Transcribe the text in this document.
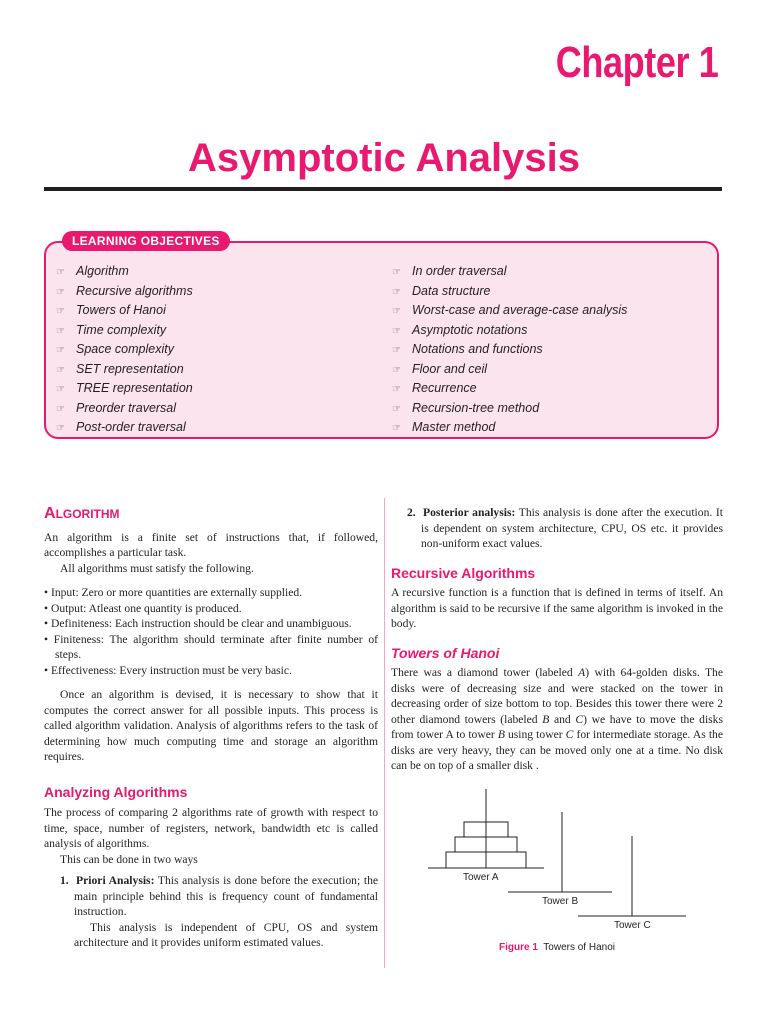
Chapter 1
Asymptotic Analysis
LEARNING OBJECTIVES
☞ Algorithm
☞ Recursive algorithms
☞ Towers of Hanoi
☞ Time complexity
☞ Space complexity
☞ SET representation
☞ TREE representation
☞ Preorder traversal
☞ Post-order traversal
☞ In order traversal
☞ Data structure
☞ Worst-case and average-case analysis
☞ Asymptotic notations
☞ Notations and functions
☞ Floor and ceil
☞ Recurrence
☞ Recursion-tree method
☞ Master method
ALGORITHM

An algorithm is a finite set of instructions that, if followed, accomplishes a particular task.

All algorithms must satisfy the following.

• Input: Zero or more quantities are externally supplied.
• Output: Atleast one quantity is produced.
• Definiteness: Each instruction should be clear and unambiguous.
• Finiteness: The algorithm should terminate after finite number of steps.
• Effectiveness: Every instruction must be very basic.

Once an algorithm is devised, it is necessary to show that it computes the correct answer for all possible inputs. This process is called algorithm validation. Analysis of algorithms refers to the task of determining how much computing time and storage an algorithm requires.

Analyzing Algorithms

The process of comparing 2 algorithms rate of growth with respect to time, space, number of registers, network, bandwidth etc is called analysis of algorithms.

This can be done in two ways

1. Priori Analysis: This analysis is done before the execution; the main principle behind this is frequency count of fundamental instruction.

This analysis is independent of CPU, OS and system architecture and it provides uniform estimated values.

2. Posterior analysis: This analysis is done after the execution. It is dependent on system architecture, CPU, OS etc. it provides non-uniform exact values.
Recursive Algorithms

A recursive function is a function that is defined in terms of itself. An algorithm is said to be recursive if the same algorithm is invoked in the body.

Towers of Hanoi

There was a diamond tower (labeled A) with 64-golden disks. The disks were of decreasing size and were stacked on the tower in decreasing order of size bottom to top. Besides this tower there were 2 other diamond towers (labeled B and C) we have to move the disks from tower A to tower B using tower C for intermediate storage. As the disks are very heavy, they can be moved only one at a time. No disk can be on top of a smaller disk .

Tower A
Tower B
Tower C
Figure 1 Towers of Hanoi
